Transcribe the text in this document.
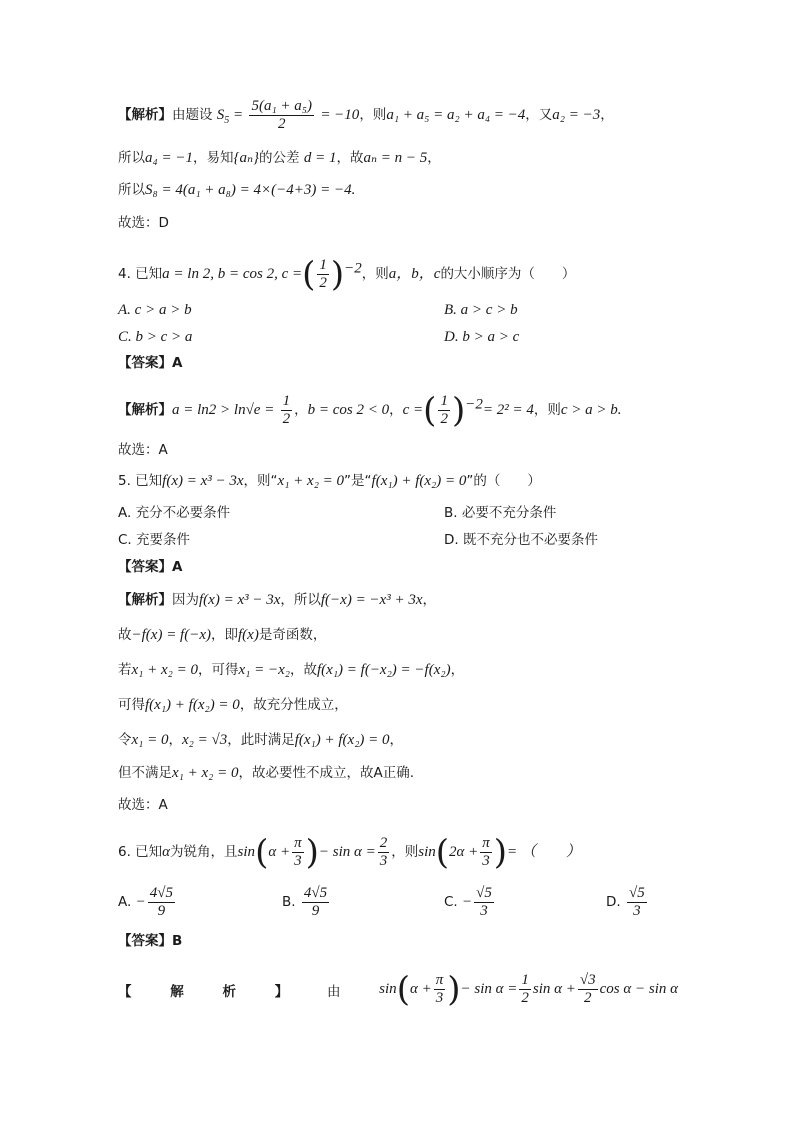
【解析】由题设 $S_5 = \frac{\text{5(a₁ + a₅)}}{2} = -10$，则a₁ + a₅ = a₂ + a₄ = −4，又a₂ = −3，
所以a₄ = −1，易知{aₙ}的公差 d = 1，故aₙ = n − 5，
所以S₈ = 4(a₁ + a₈) = 4×(−4+3) = −4.
故选：D
4. 已知a = ln 2, b = cos 2, c =( $\frac{1}{2} )^{-2}$，则a，b，c的大小顺序为（　　）
A. c > a > b	B. a > c > b
C. b > c > a	D. b > a > c
【答案】A
【解析】$a = \ln 2 > \ln√e = \frac{1}{2}$ ，b = cos 2 < 0，c =( $\frac{1}{2} )^{-2}= 2^2 = 4$，则c > a > b.
故选：A
5. 已知f(x) = x³ − 3x，则“x₁ + x₂ = 0”是“f(x₁) + f(x₂) = 0”的（　　）
A. 充分不必要条件	B. 必要不充分条件
C. 充要条件	D. 既不充分也不必要条件
【答案】A
【解析】因为f(x) = x³ − 3x，所以f(−x) = −x³ + 3x，
故−f(x) = f(−x)，即f(x)是奇函数，
若x₁ + x₂ = 0，可得x₁ = −x₂，故f(x₁) = f(−x₂) = −f(x₂)，
可得f(x₁) + f(x₂) = 0，故充分性成立，
令x₁ = 0，x₂ = √3，此时满足f(x₁) + f(x₂) = 0，
但不满足x₁ + x₂ = 0，故必要性不成立，故A正确.
故选：A
6. 已知α为锐角，且$\sin(\alpha + \frac{\pi}{3}$ )− $\sin \alpha = \frac{2}{3}$ ，则$\sin(2\alpha + \frac{\pi}{3}$ )= （　　）
A. − $\frac{4√5}{9}$	B. $\frac{4√5}{9}$	C. − $\frac{√5}{3}$	D. $\frac{√5}{3}$
【答案】B
【	解	析	】	由	$\sin(\alpha + \frac{\pi}{3}$ )− $\sin \alpha = \frac{1}{2}$ $\sin \alpha + \frac{√3}{2}$ cos α − sin α
